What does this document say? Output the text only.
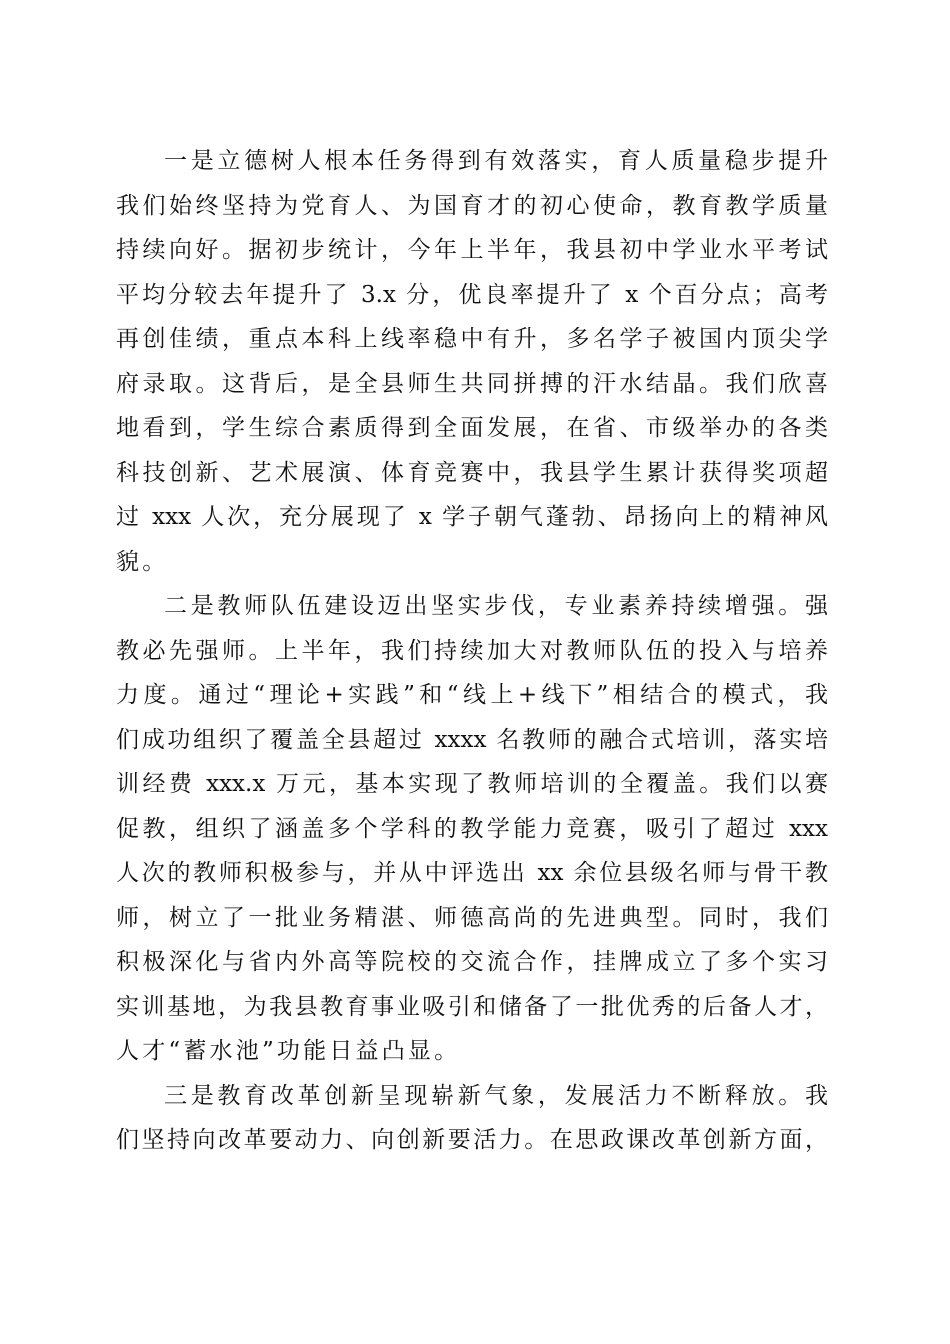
一是立德树人根本任务得到有效落实，育人质量稳步提升
我们始终坚持为党育人、为国育才的初心使命，教育教学质量
持续向好。据初步统计，今年上半年，我县初中学业水平考试
平均分较去年提升了 3.x 分，优良率提升了 x 个百分点；高考
再创佳绩，重点本科上线率稳中有升，多名学子被国内顶尖学
府录取。这背后，是全县师生共同拼搏的汗水结晶。我们欣喜
地看到，学生综合素质得到全面发展，在省、市级举办的各类
科技创新、艺术展演、体育竞赛中，我县学生累计获得奖项超
过 xxx 人次，充分展现了 x 学子朝气蓬勃、昂扬向上的精神风
貌。
二是教师队伍建设迈出坚实步伐，专业素养持续增强。强
教必先强师。上半年，我们持续加大对教师队伍的投入与培养
力度。通过“理论+实践”和“线上+线下”相结合的模式，我
们成功组织了覆盖全县超过 xxxx 名教师的融合式培训，落实培
训经费 xxx.x 万元，基本实现了教师培训的全覆盖。我们以赛
促教，组织了涵盖多个学科的教学能力竞赛，吸引了超过 xxx
人次的教师积极参与，并从中评选出 xx 余位县级名师与骨干教
师，树立了一批业务精湛、师德高尚的先进典型。同时，我们
积极深化与省内外高等院校的交流合作，挂牌成立了多个实习
实训基地，为我县教育事业吸引和储备了一批优秀的后备人才，
人才“蓄水池”功能日益凸显。
三是教育改革创新呈现崭新气象，发展活力不断释放。我
们坚持向改革要动力、向创新要活力。在思政课改革创新方面，
